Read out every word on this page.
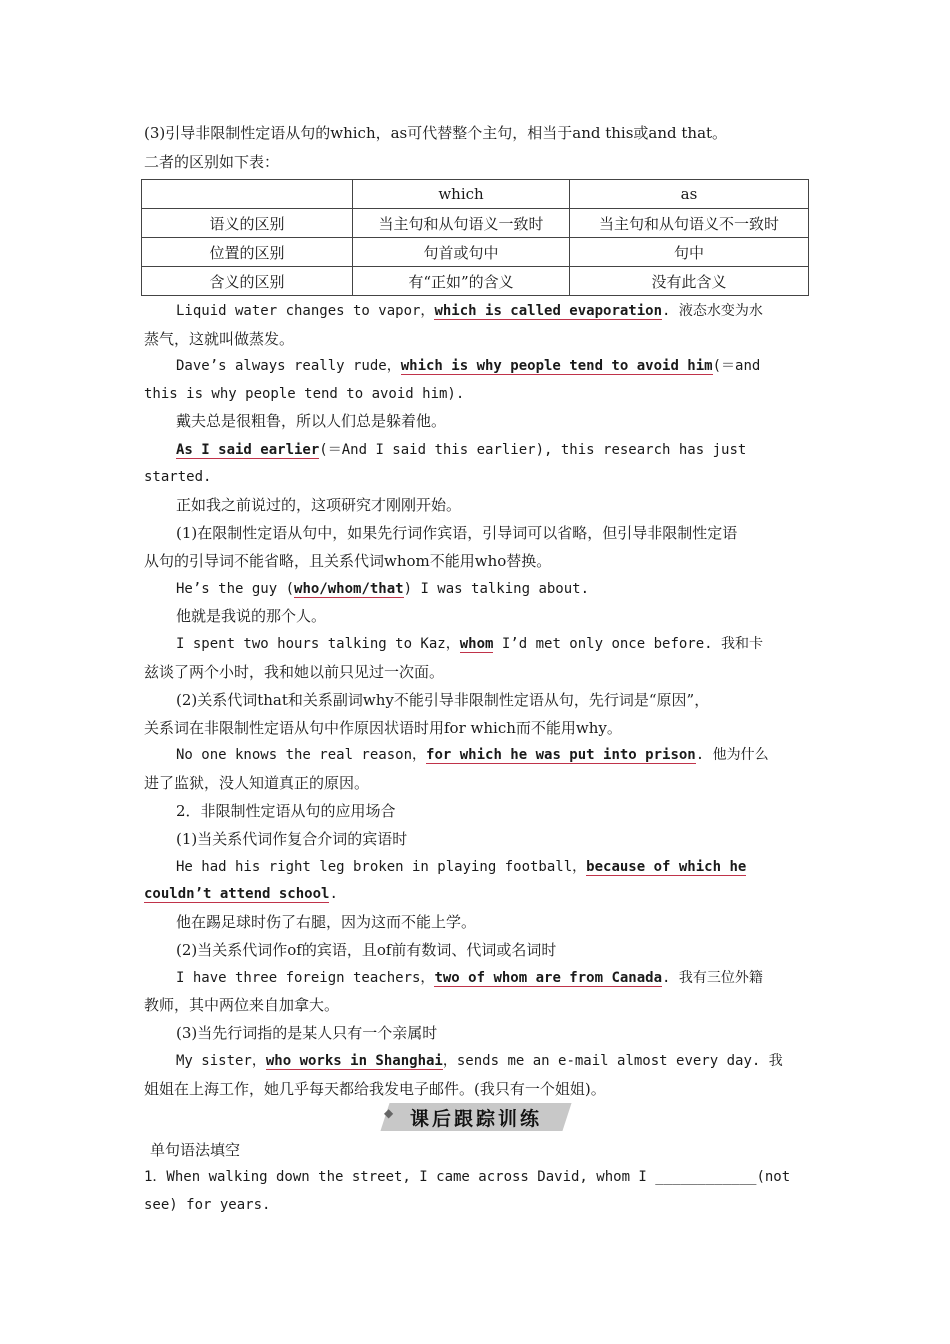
(3)引导非限制性定语从句的which，as可代替整个主句，相当于and this或and that。
二者的区别如下表：
	which	as
语义的区别	当主句和从句语义一致时	当主句和从句语义不一致时
位置的区别	句首或句中	句中
含义的区别	有“正如”的含义	没有此含义
Liquid water changes to vapor，which is called evaporation. 液态水变为水
蒸气，这就叫做蒸发。
Dave’s always really rude，which is why people tend to avoid him(＝and
this is why people tend to avoid him).
戴夫总是很粗鲁，所以人们总是躲着他。
As I said earlier(＝And I said this earlier), this research has just
started.
正如我之前说过的，这项研究才刚刚开始。
(1)在限制性定语从句中，如果先行词作宾语，引导词可以省略，但引导非限制性定语
从句的引导词不能省略，且关系代词whom不能用who替换。
He’s the guy (who/whom/that) I was talking about.
他就是我说的那个人。
I spent two hours talking to Kaz，whom I’d met only once before. 我和卡
兹谈了两个小时，我和她以前只见过一次面。
(2)关系代词that和关系副词why不能引导非限制性定语从句，先行词是“原因”，
关系词在非限制性定语从句中作原因状语时用for which而不能用why。
No one knows the real reason，for which he was put into prison. 他为什么
进了监狱，没人知道真正的原因。
2．非限制性定语从句的应用场合
(1)当关系代词作复合介词的宾语时
He had his right leg broken in playing football，because of which he
couldn’t attend school.
他在踢足球时伤了右腿，因为这而不能上学。
(2)当关系代词作of的宾语，且of前有数词、代词或名词时
I have three foreign teachers，two of whom are from Canada. 我有三位外籍
教师，其中两位来自加拿大。
(3)当先行词指的是某人只有一个亲属时
My sister，who works in Shanghai，sends me an e-mail almost every day. 我
姐姐在上海工作，她几乎每天都给我发电子邮件。(我只有一个姐姐)。
◆ 课后跟踪训练
单句语法填空
1．When walking down the street, I came across David, whom I ____________(not
see) for years.
